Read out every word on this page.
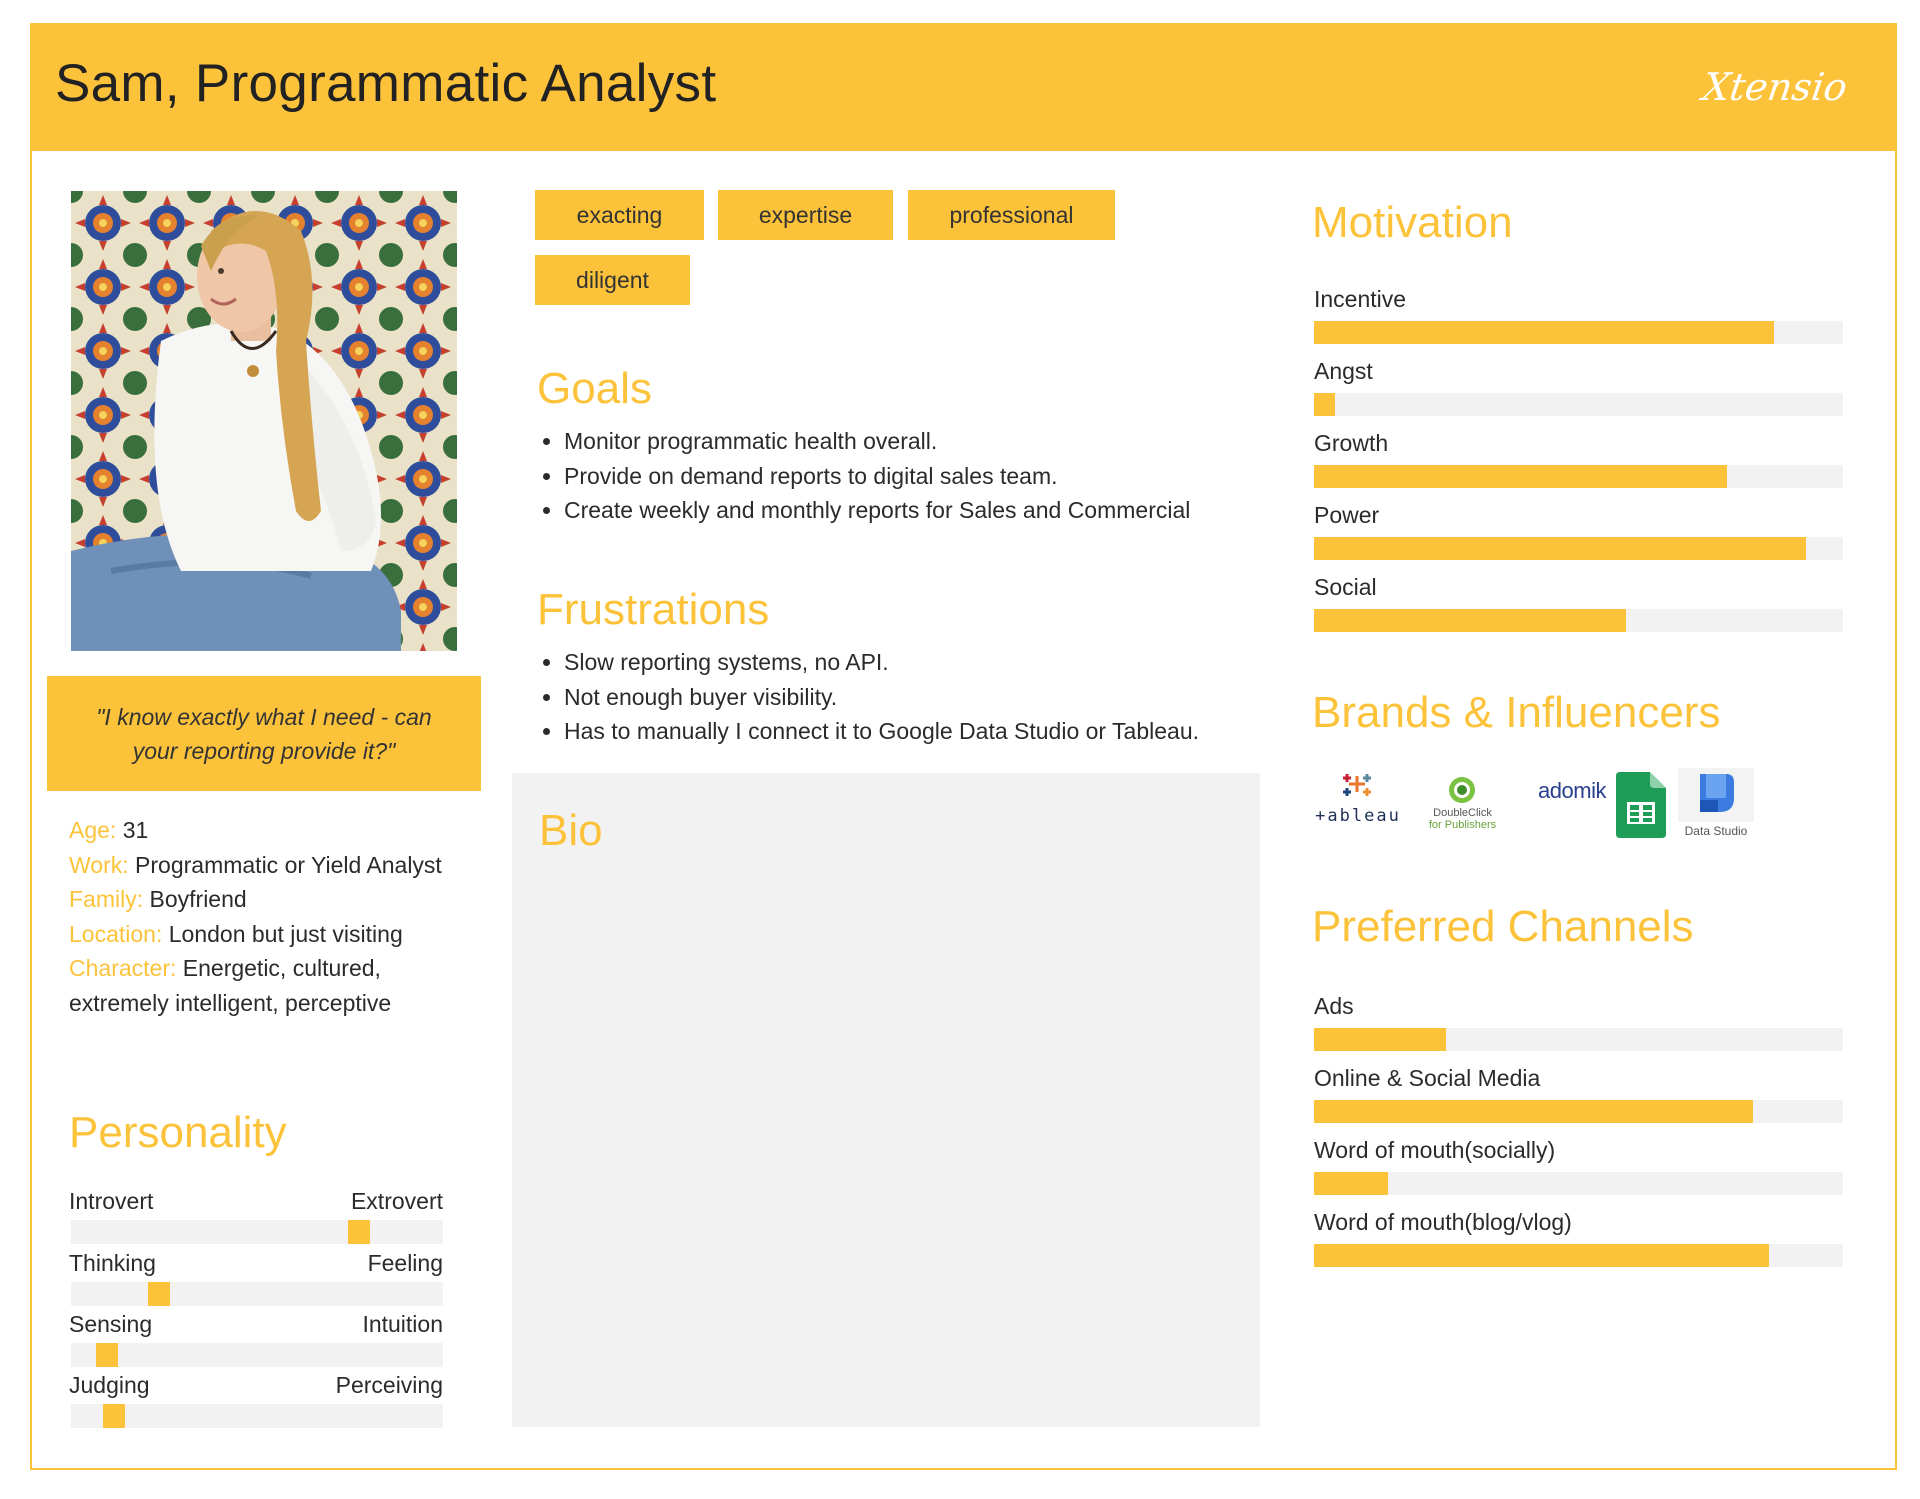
Sam, Programmatic Analyst	Xtensio
"I know exactly what I need - can your reporting provide it?"
Age: 31
Work: Programmatic or Yield Analyst
Family: Boyfriend
Location: London but just visiting
Character: Energetic, cultured, extremely intelligent, perceptive
Personality
Introvert	Extrovert
Thinking	Feeling
Sensing	Intuition
Judging	Perceiving
exacting	expertise	professional
diligent
Goals
• Monitor programmatic health overall.
• Provide on demand reports to digital sales team.
• Create weekly and monthly reports for Sales and Commercial
Frustrations
• Slow reporting systems, no API.
• Not enough buyer visibility.
• Has to manually I connect it to Google Data Studio or Tableau.
Bio
Motivation
Incentive
Angst
Growth
Power
Social
Brands & Influencers
+ableau	DoubleClick
for Publishers
adomik
Data Studio
Preferred Channels
Ads
Online & Social Media
Word of mouth(socially)
Word of mouth(blog/vlog)
